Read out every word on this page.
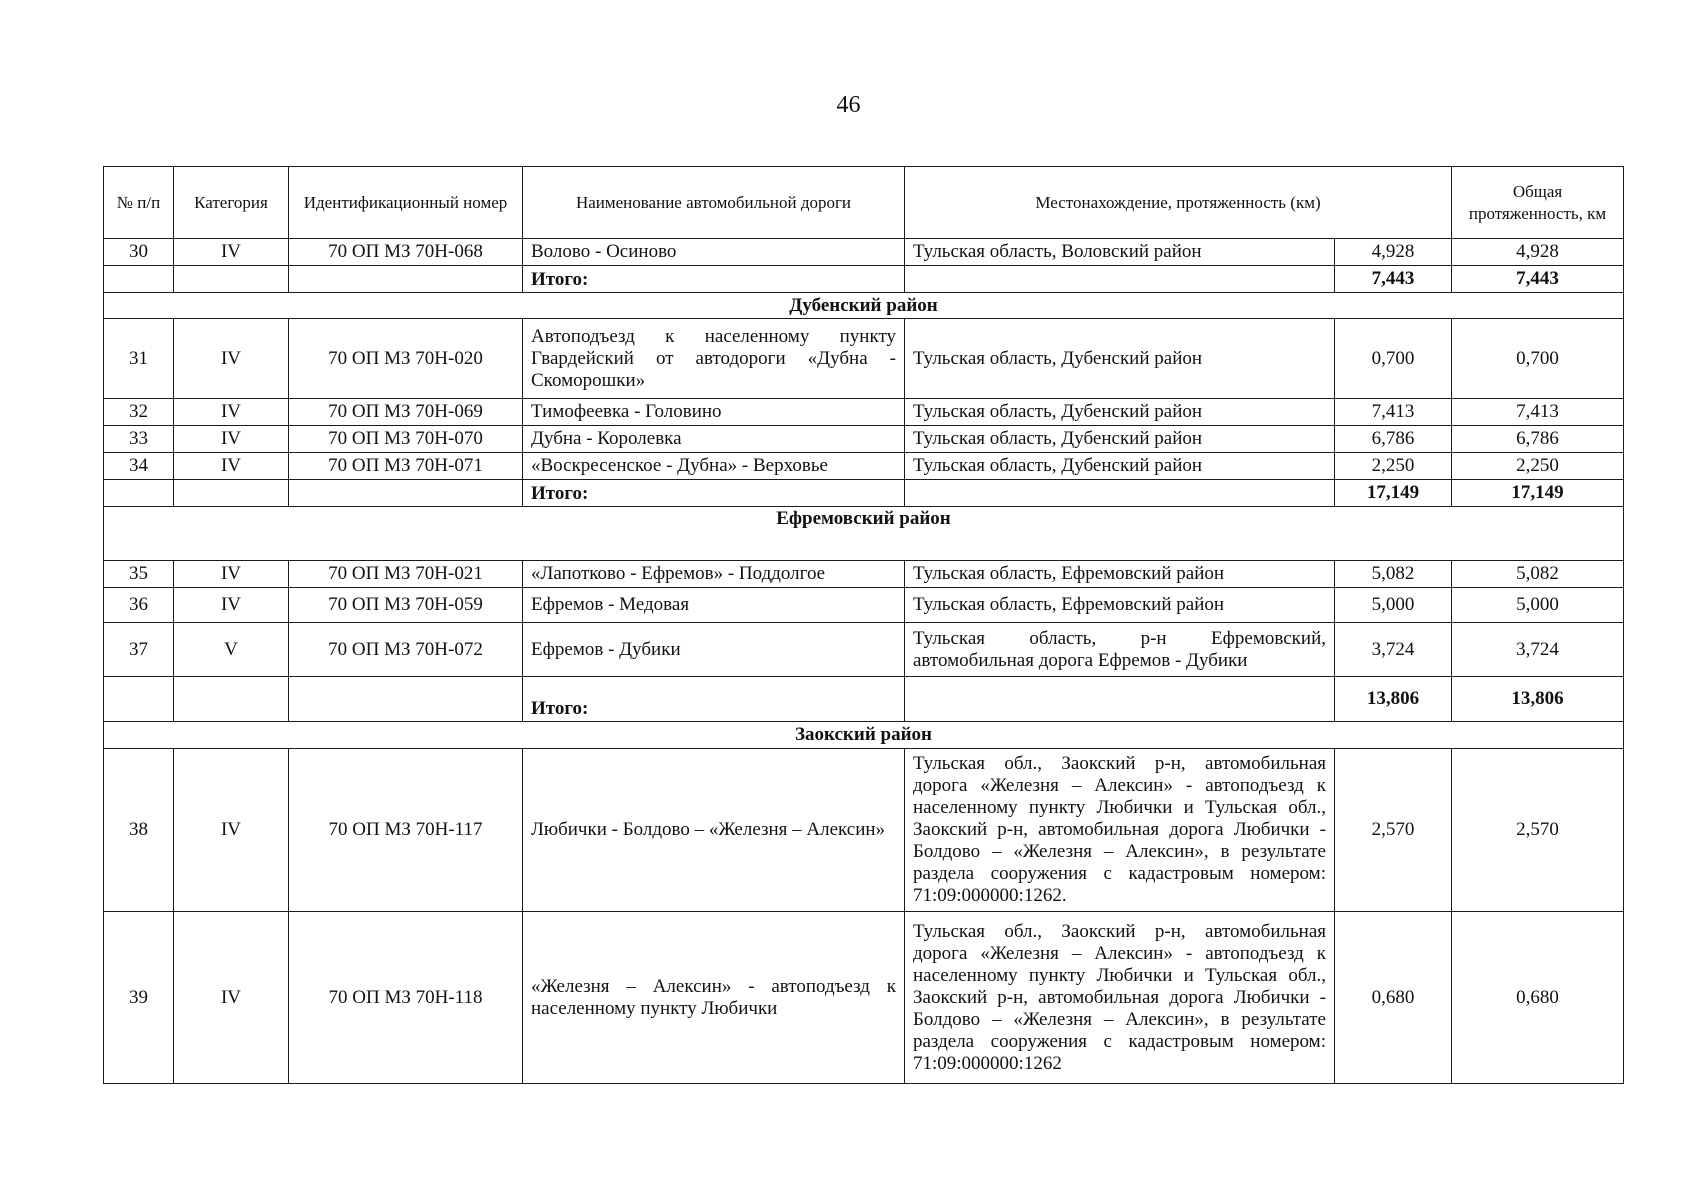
46
№ п/п	Категория	Идентификационный номер	Наименование автомобильной дороги	Местонахождение, протяженность (км)		Общая протяженность, км
30	IV	70 ОП МЗ 70Н-068	Волово - Осиново	Тульская область, Воловский район	4,928	4,928
			Итого:		7,443	7,443
Дубенский район						
31	IV	70 ОП МЗ 70Н-020	Автоподъезд к населенному пункту Гвардейский от автодороги «Дубна - Скоморошки»	Тульская область, Дубенский район	0,700	0,700
32	IV	70 ОП МЗ 70Н-069	Тимофеевка - Головино	Тульская область, Дубенский район	7,413	7,413
33	IV	70 ОП МЗ 70Н-070	Дубна - Королевка	Тульская область, Дубенский район	6,786	6,786
34	IV	70 ОП МЗ 70Н-071	«Воскресенское - Дубна» - Верховье	Тульская область, Дубенский район	2,250	2,250
			Итого:		17,149	17,149
Ефремовский район						
35	IV	70 ОП МЗ 70Н-021	«Лапотково - Ефремов» - Поддолгое	Тульская область, Ефремовский район	5,082	5,082
36	IV	70 ОП МЗ 70Н-059	Ефремов - Медовая	Тульская область, Ефремовский район	5,000	5,000
37	V	70 ОП МЗ 70Н-072	Ефремов - Дубики	Тульская область, р-н Ефремовский, автомобильная дорога Ефремов - Дубики	3,724	3,724
			Итого:		13,806	13,806
Заокский район						
38	IV	70 ОП МЗ 70Н-117	Любички - Болдово – «Железня – Алексин»	Тульская обл., Заокский р-н, автомобильная дорога «Железня – Алексин» - автоподъезд к населенному пункту Любички и Тульская обл., Заокский р-н, автомобильная дорога Любички - Болдово – «Железня – Алексин», в результате раздела сооружения с кадастровым номером: 71:09:000000:1262.	2,570	2,570
39	IV	70 ОП МЗ 70Н-118	«Железня – Алексин» - автоподъезд к населенному пункту Любички	Тульская обл., Заокский р-н, автомобильная дорога «Железня – Алексин» - автоподъезд к населенному пункту Любички и Тульская обл., Заокский р-н, автомобильная дорога Любички - Болдово – «Железня – Алексин», в результате раздела сооружения с кадастровым номером: 71:09:000000:1262	0,680	0,680
